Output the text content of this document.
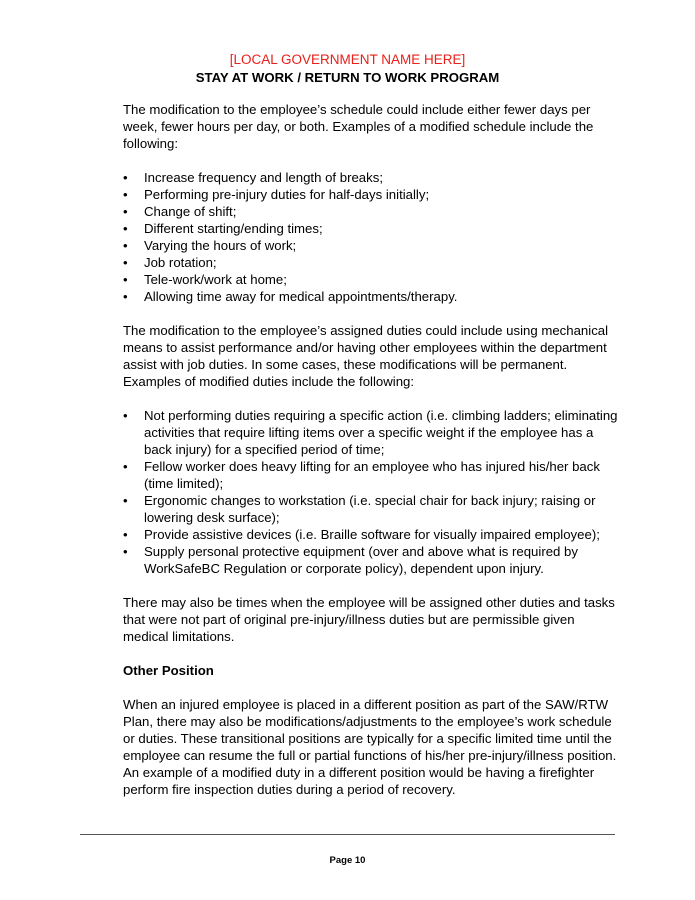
[LOCAL GOVERNMENT NAME HERE]
STAY AT WORK / RETURN TO WORK PROGRAM

The modification to the employee’s schedule could include either fewer days per week, fewer hours per day, or both. Examples of a modified schedule include the following:

• Increase frequency and length of breaks;
• Performing pre-injury duties for half-days initially;
• Change of shift;
• Different starting/ending times;
• Varying the hours of work;
• Job rotation;
• Tele-work/work at home;
• Allowing time away for medical appointments/therapy.

The modification to the employee’s assigned duties could include using mechanical means to assist performance and/or having other employees within the department assist with job duties. In some cases, these modifications will be permanent. Examples of modified duties include the following:

• Not performing duties requiring a specific action (i.e. climbing ladders; eliminating activities that require lifting items over a specific weight if the employee has a back injury) for a specified period of time;
• Fellow worker does heavy lifting for an employee who has injured his/her back (time limited);
• Ergonomic changes to workstation (i.e. special chair for back injury; raising or lowering desk surface);
• Provide assistive devices (i.e. Braille software for visually impaired employee);
• Supply personal protective equipment (over and above what is required by WorkSafeBC Regulation or corporate policy), dependent upon injury.

There may also be times when the employee will be assigned other duties and tasks that were not part of original pre-injury/illness duties but are permissible given medical limitations.

Other Position

When an injured employee is placed in a different position as part of the SAW/RTW Plan, there may also be modifications/adjustments to the employee’s work schedule or duties. These transitional positions are typically for a specific limited time until the employee can resume the full or partial functions of his/her pre-injury/illness position. An example of a modified duty in a different position would be having a firefighter perform fire inspection duties during a period of recovery.

Page 10
